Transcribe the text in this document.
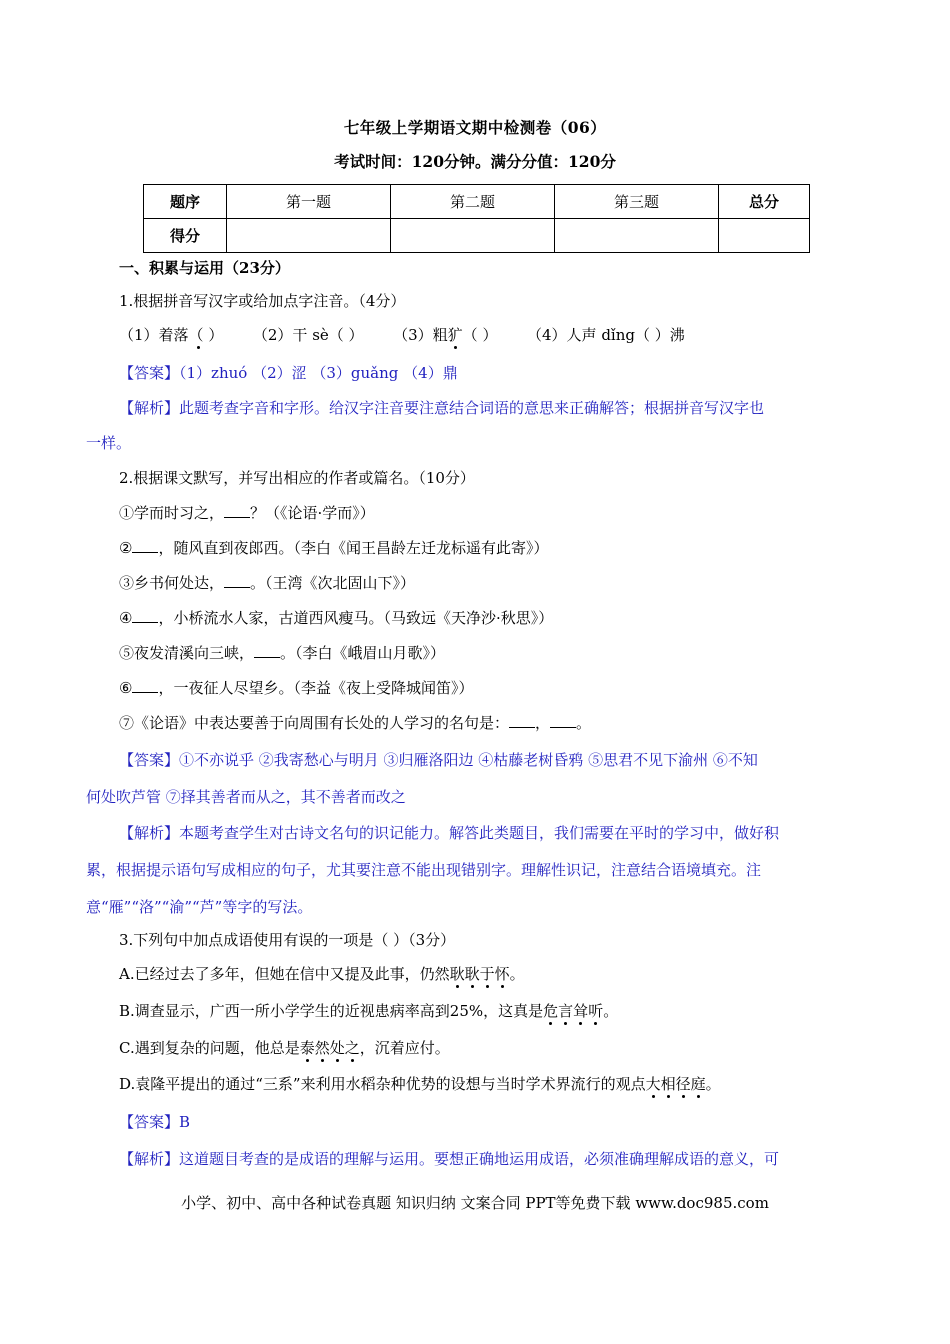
七年级上学期语文期中检测卷（06）
考试时间：120分钟。满分分值：120分
题序	第一题	第二题	第三题	总分
得分				
一、积累与运用（23分）
1.根据拼音写汉字或给加点字注音。（4分）
（1）着落（ ） （2）干 sè（ ） （3）粗犷（ ） （4）人声 dǐng（ ）沸
【答案】（1）zhuó （2）涩 （3）guǎng （4）鼎
【解析】此题考查字音和字形。给汉字注音要注意结合词语的意思来正确解答；根据拼音写汉字也
一样。
2.根据课文默写，并写出相应的作者或篇名。（10分）
①学而时习之， ？（《论语·学而》）
② ，随风直到夜郎西。（李白《闻王昌龄左迁龙标遥有此寄》）
③乡书何处达， 。（王湾《次北固山下》）
④ ，小桥流水人家，古道西风瘦马。（马致远《天净沙·秋思》）
⑤夜发清溪向三峡， 。（李白《峨眉山月歌》）
⑥ ，一夜征人尽望乡。（李益《夜上受降城闻笛》）
⑦《论语》中表达要善于向周围有长处的人学习的名句是： ， 。
【答案】①不亦说乎 ②我寄愁心与明月 ③归雁洛阳边 ④枯藤老树昏鸦 ⑤思君不见下渝州 ⑥不知
何处吹芦管 ⑦择其善者而从之，其不善者而改之
【解析】本题考查学生对古诗文名句的识记能力。解答此类题目，我们需要在平时的学习中，做好积
累，根据提示语句写成相应的句子，尤其要注意不能出现错别字。理解性识记，注意结合语境填充。注
意“雁”“洛”“渝”“芦”等字的写法。
3.下列句中加点成语使用有误的一项是（ ）（3分）
A.已经过去了多年，但她在信中又提及此事，仍然耿耿于怀。
B.调查显示，广西一所小学学生的近视患病率高到25%，这真是危言耸听。
C.遇到复杂的问题，他总是泰然处之，沉着应付。
D.袁隆平提出的通过“三系”来利用水稻杂种优势的设想与当时学术界流行的观点大相径庭。
【答案】B
【解析】这道题目考查的是成语的理解与运用。要想正确地运用成语，必须准确理解成语的意义，可
小学、初中、高中各种试卷真题 知识归纳 文案合同 PPT等免费下载 www.doc985.com
